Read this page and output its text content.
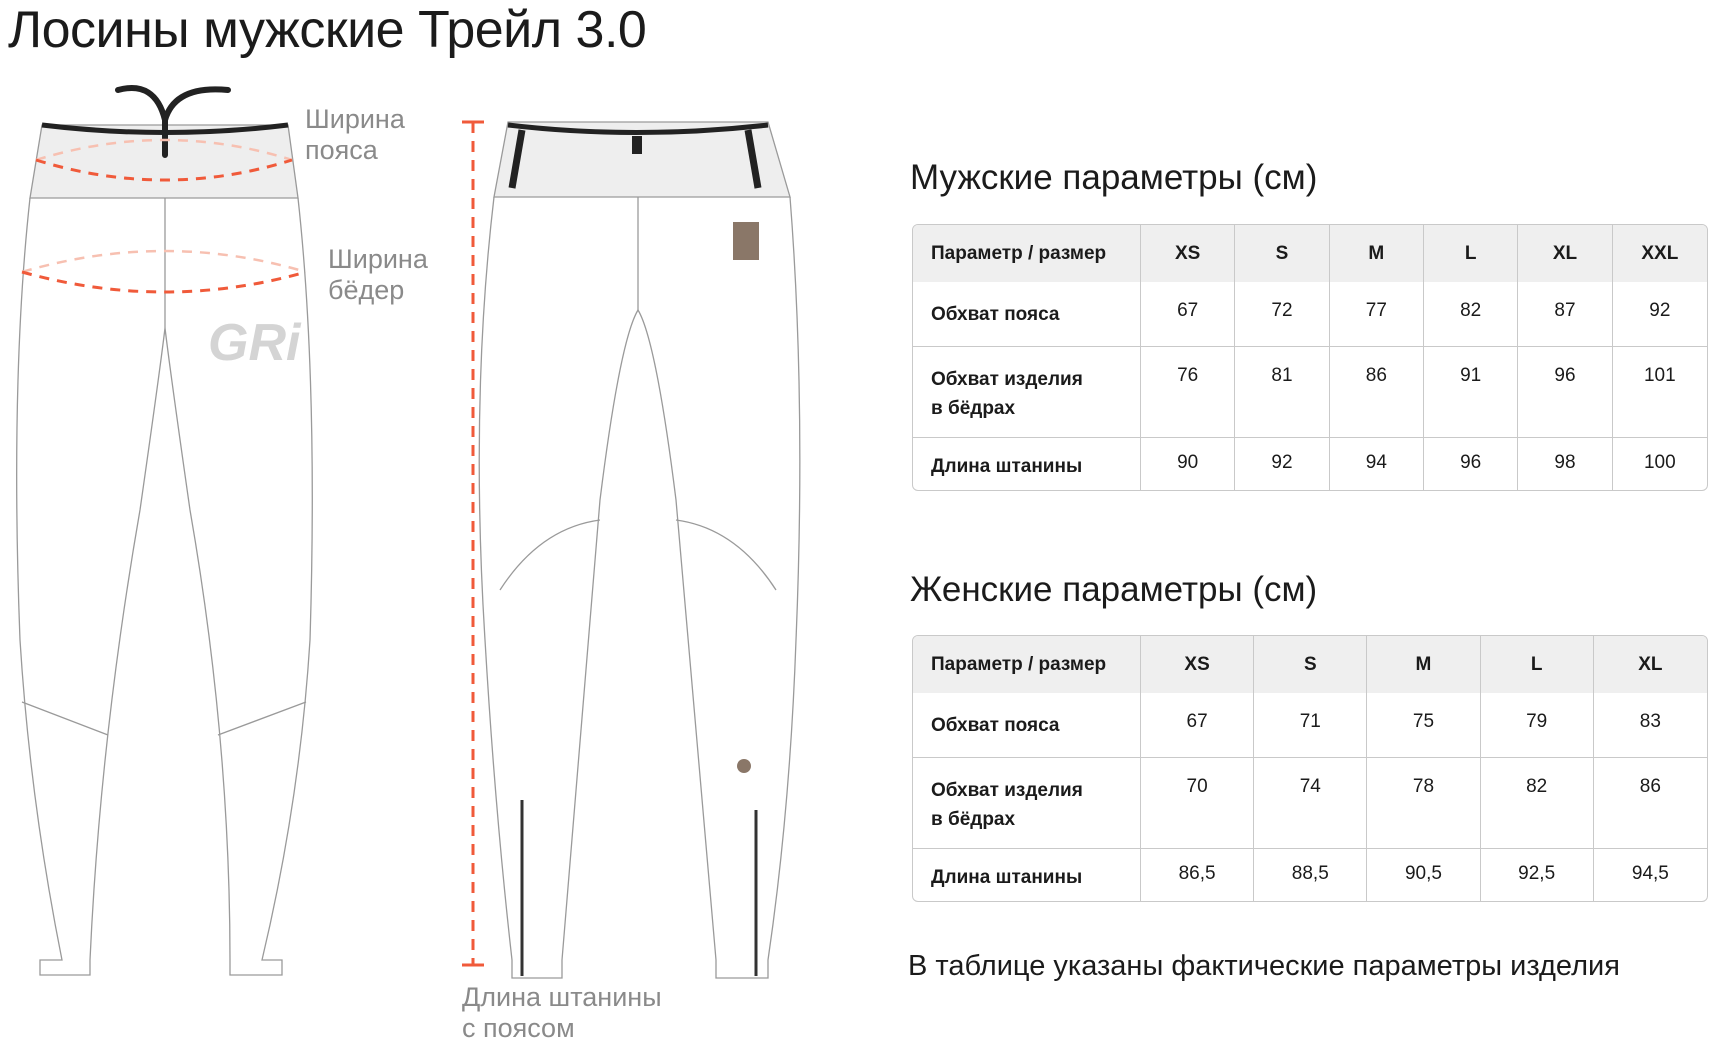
Лосины мужские Трейл 3.0
GRi
Ширина
пояса
Ширина
бёдер
Длина штанины
с поясом
Мужские параметры (см)
Параметр / размер	XS	S	M	L	XL	XXL

Обхват пояса	67	72	77	82	87	92

Обхват изделия
в бёдрах	76	81	86	91	96	101

Длина штанины	90	92	94	96	98	100
Женские параметры (см)
Параметр / размер	XS	S	M	L	XL

Обхват пояса	67	71	75	79	83

Обхват изделия
в бёдрах	70	74	78	82	86

Длина штанины	86,5	88,5	90,5	92,5	94,5
В таблице указаны фактические параметры изделия
